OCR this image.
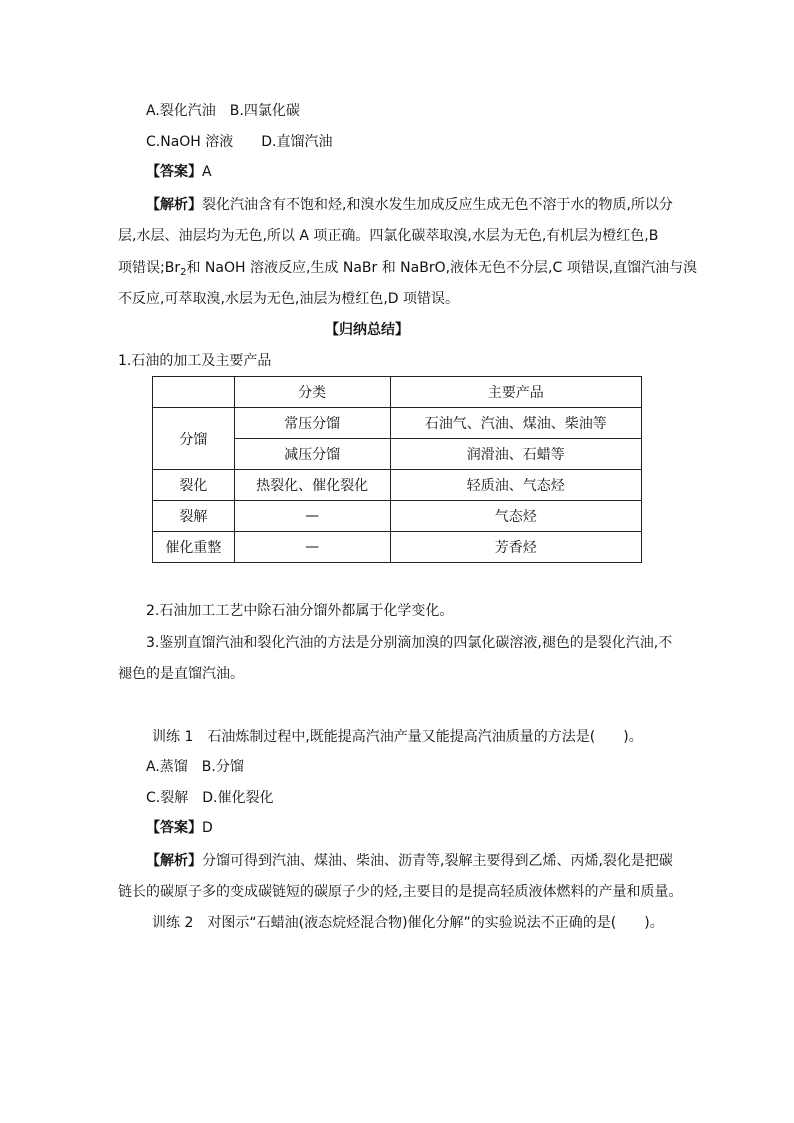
A.裂化汽油　B.四氯化碳
C.NaOH 溶液　　D.直馏汽油
【答案】A
【解析】裂化汽油含有不饱和烃,和溴水发生加成反应生成无色不溶于水的物质,所以分
层,水层、油层均为无色,所以 A 项正确。四氯化碳萃取溴,水层为无色,有机层为橙红色,B
项错误$;Br_2$和 NaOH 溶液反应,生成 NaBr 和 NaBrO,液体无色不分层,C 项错误,直馏汽油与溴
不反应,可萃取溴,水层为无色,油层为橙红色,D 项错误。
【归纳总结】
1.石油的加工及主要产品
	分类	主要产品
分馏	常压分馏	石油气、汽油、煤油、柴油等
	减压分馏	润滑油、石蜡等
裂化	热裂化、催化裂化	轻质油、气态烃
裂解	—	气态烃
催化重整	—	芳香烃
2.石油加工工艺中除石油分馏外都属于化学变化。
3.鉴别直馏汽油和裂化汽油的方法是分别滴加溴的四氯化碳溶液,褪色的是裂化汽油,不
褪色的是直馏汽油。
训练 1　石油炼制过程中,既能提高汽油产量又能提高汽油质量的方法是(　　)。
A.蒸馏　B.分馏
C.裂解　D.催化裂化
【答案】D
【解析】分馏可得到汽油、煤油、柴油、沥青等,裂解主要得到乙烯、丙烯,裂化是把碳
链长的碳原子多的变成碳链短的碳原子少的烃,主要目的是提高轻质液体燃料的产量和质量。
训练 2　对图示“石蜡油(液态烷烃混合物)催化分解”的实验说法不正确的是(　　)。
